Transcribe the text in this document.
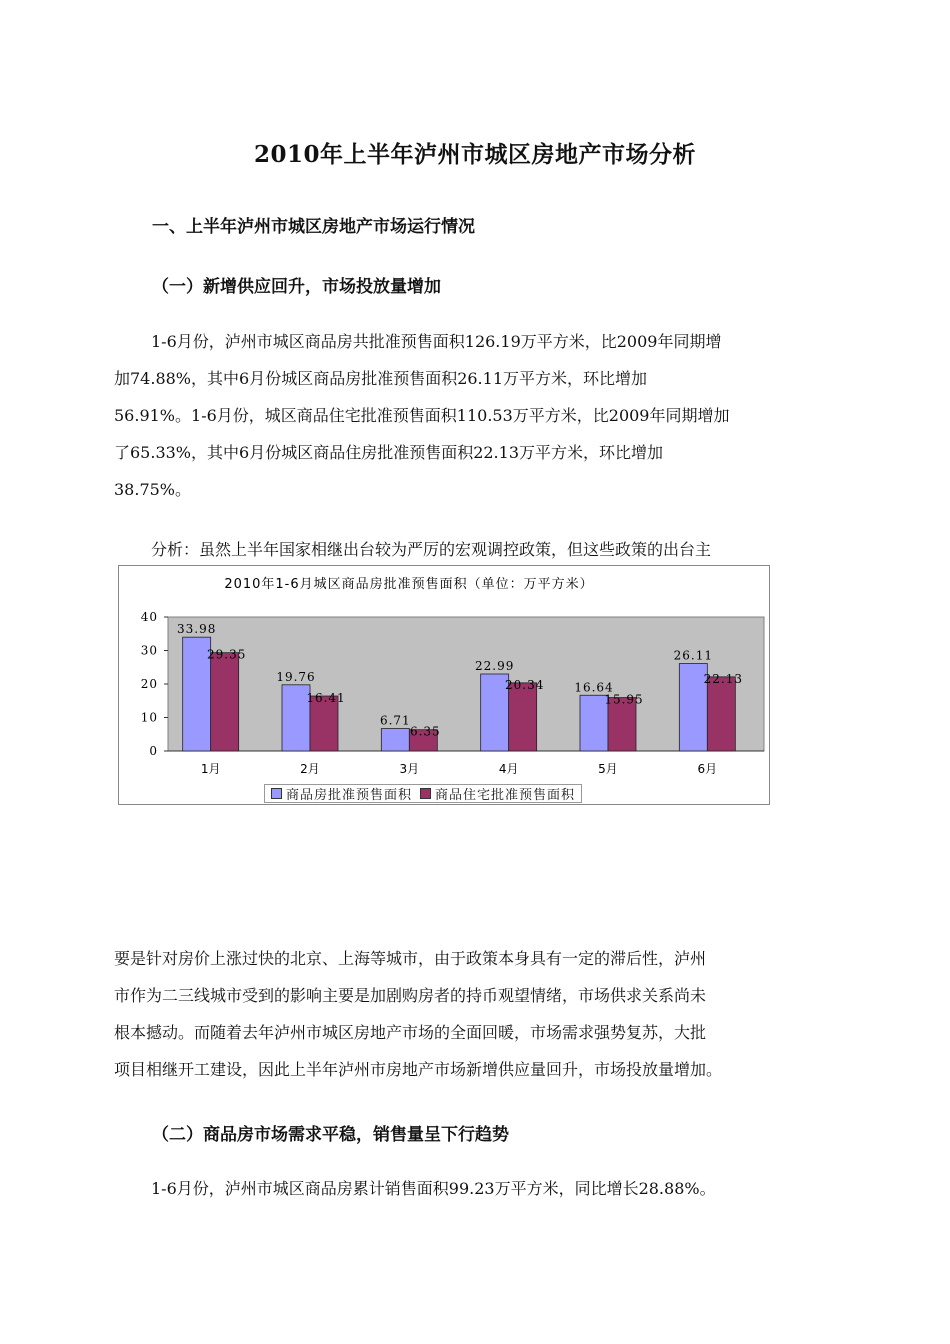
2010年上半年泸州市城区房地产市场分析
一、上半年泸州市城区房地产市场运行情况
（一）新增供应回升，市场投放量增加
1-6月份，泸州市城区商品房共批准预售面积126.19万平方米，比2009年同期增
加74.88%，其中6月份城区商品房批准预售面积26.11万平方米，环比增加
56.91%。1-6月份，城区商品住宅批准预售面积110.53万平方米，比2009年同期增加
了65.33%，其中6月份城区商品住房批准预售面积22.13万平方米，环比增加
38.75%。
分析：虽然上半年国家相继出台较为严厉的宏观调控政策，但这些政策的出台主
2010年1-6月城区商品房批准预售面积（单位：万平方米）
0
10
20
30
40
1月
33.98
29.35
2月
19.76
16.41
3月
6.71
6.35
4月
22.99
20.34
5月
16.64
15.95
6月
26.11
22.13
商品房批准预售面积 商品住宅批准预售面积
要是针对房价上涨过快的北京、上海等城市，由于政策本身具有一定的滞后性，泸州
市作为二三线城市受到的影响主要是加剧购房者的持币观望情绪，市场供求关系尚未
根本撼动。而随着去年泸州市城区房地产市场的全面回暖，市场需求强势复苏，大批
项目相继开工建设，因此上半年泸州市房地产市场新增供应量回升，市场投放量增加。
（二）商品房市场需求平稳，销售量呈下行趋势
1-6月份，泸州市城区商品房累计销售面积99.23万平方米，同比增长28.88%。
